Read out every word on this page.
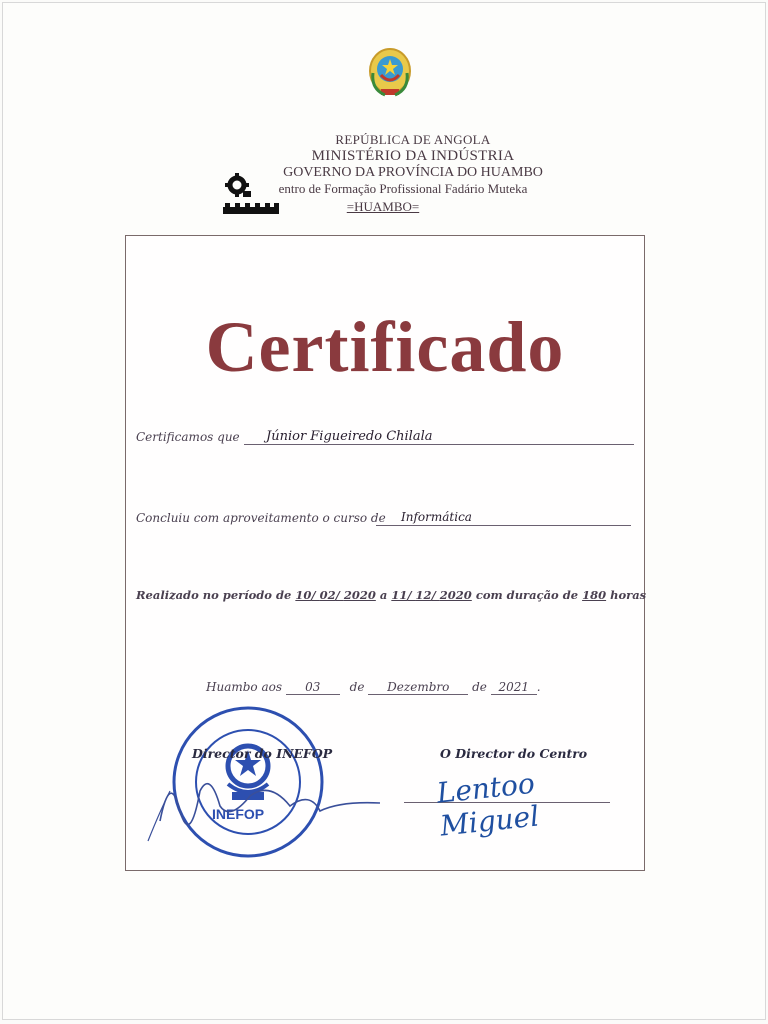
REPÚBLICA DE ANGOLA
MINISTÉRIO DA INDÚSTRIA
GOVERNO DA PROVÍNCIA DO HUAMBO
entro de Formação Profissional Fadário Muteka
=HUAMBO=
Certificado
Certificamos que Júnior Figueiredo Chilala
Concluiu com aproveitamento o curso de Informática
Realizado no período de 10/ 02/ 2020 a 11/ 12/ 2020 com duração de 180 horas
Huambo aos 03 de Dezembro de 2021 .
INEFOP
Director do INEFOP	O Director do Centro
Lentoo Miguel
